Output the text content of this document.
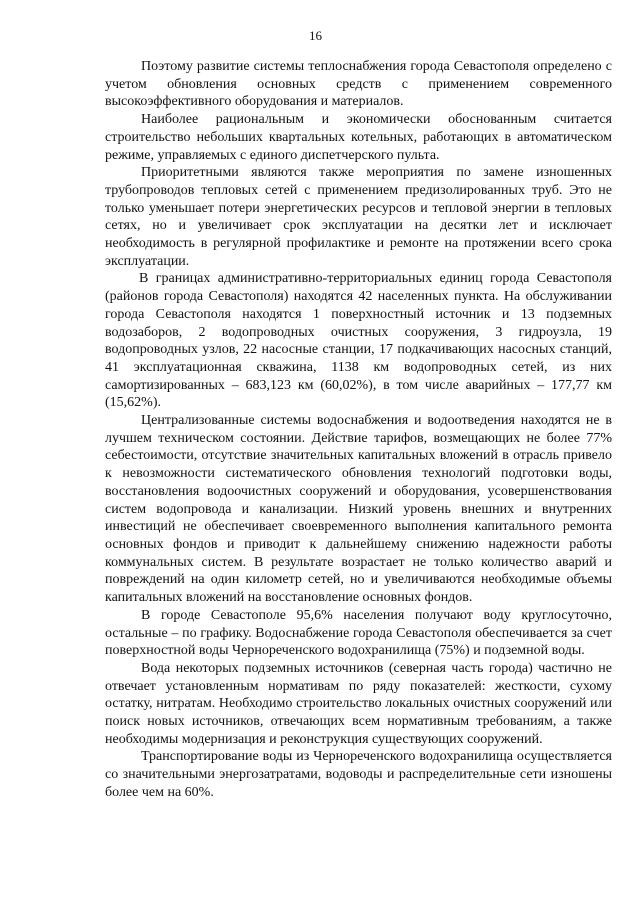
16

Поэтому развитие системы теплоснабжения города Севастополя определено с учетом обновления основных средств с применением современного высокоэффективного оборудования и материалов.

Наиболее рациональным и экономически обоснованным считается строительство небольших квартальных котельных, работающих в автоматическом режиме, управляемых с единого диспетчерского пульта.

Приоритетными являются также мероприятия по замене изношенных трубопроводов тепловых сетей с применением предизолированных труб. Это не только уменьшает потери энергетических ресурсов и тепловой энергии в тепловых сетях, но и увеличивает срок эксплуатации на десятки лет и исключает необходимость в регулярной профилактике и ремонте на протяжении всего срока эксплуатации.

В границах административно-территориальных единиц города Севастополя (районов города Севастополя) находятся 42 населенных пункта. На обслуживании города Севастополя находятся 1 поверхностный источник и 13 подземных водозаборов, 2 водопроводных очистных сооружения, 3 гидроузла, 19 водопроводных узлов, 22 насосные станции, 17 подкачивающих насосных станций, 41 эксплуатационная скважина, 1138 км водопроводных сетей, из них самортизированных – 683,123 км (60,02%), в том числе аварийных – 177,77 км (15,62%).

Централизованные системы водоснабжения и водоотведения находятся не в лучшем техническом состоянии. Действие тарифов, возмещающих не более 77% себестоимости, отсутствие значительных капитальных вложений в отрасль привело к невозможности систематического обновления технологий подготовки воды, восстановления водоочистных сооружений и оборудования, усовершенствования систем водопровода и канализации. Низкий уровень внешних и внутренних инвестиций не обеспечивает своевременного выполнения капитального ремонта основных фондов и приводит к дальнейшему снижению надежности работы коммунальных систем. В результате возрастает не только количество аварий и повреждений на один километр сетей, но и увеличиваются необходимые объемы капитальных вложений на восстановление основных фондов.

В городе Севастополе 95,6% населения получают воду круглосуточно, остальные – по графику. Водоснабжение города Севастополя обеспечивается за счет поверхностной воды Чернореченского водохранилища (75%) и подземной воды.

Вода некоторых подземных источников (северная часть города) частично не отвечает установленным нормативам по ряду показателей: жесткости, сухому остатку, нитратам. Необходимо строительство локальных очистных сооружений или поиск новых источников, отвечающих всем нормативным требованиям, а также необходимы модернизация и реконструкция существующих сооружений.

Транспортирование воды из Чернореченского водохранилища осуществляется со значительными энергозатратами, водоводы и распределительные сети изношены более чем на 60%.
